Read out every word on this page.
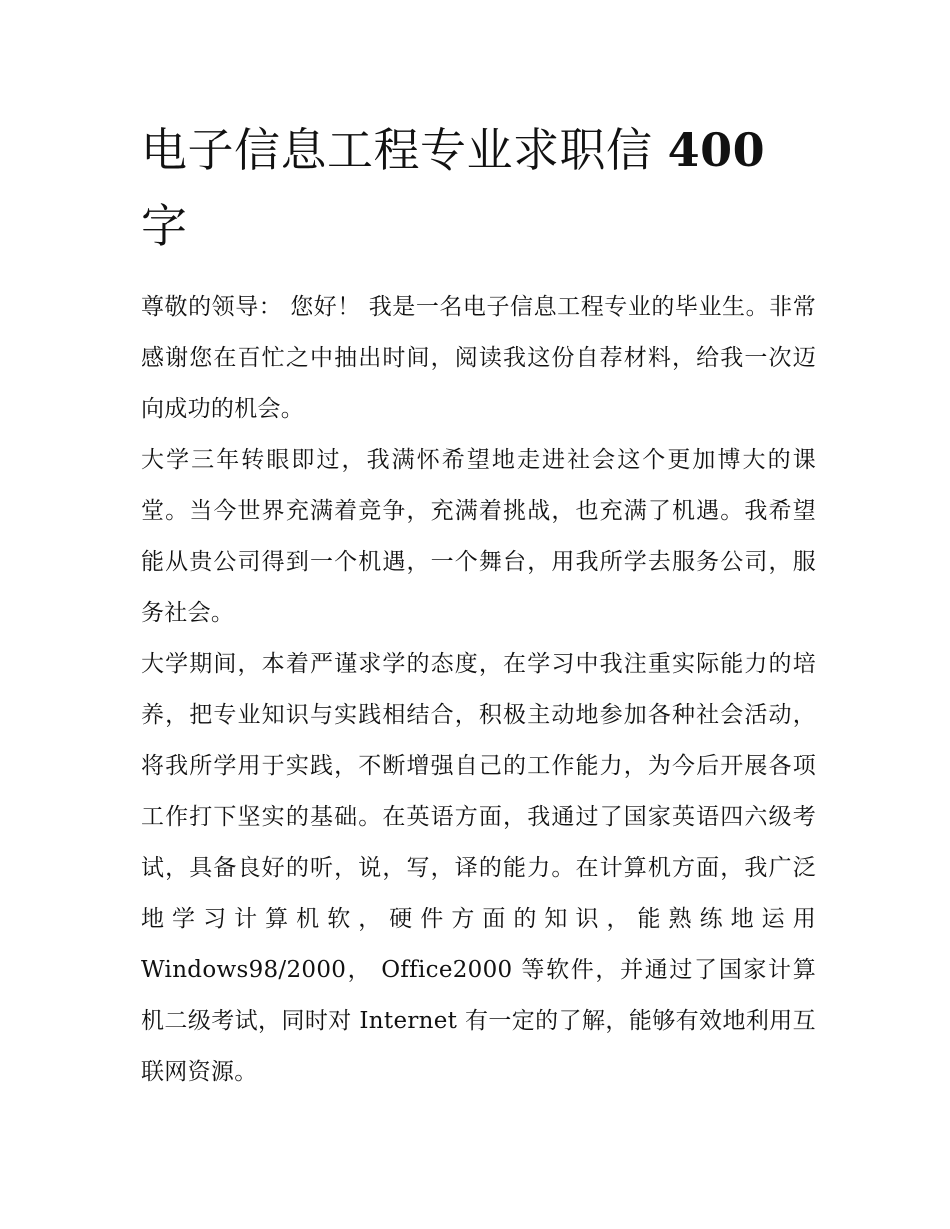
电子信息工程专业求职信 400
字

尊敬的领导： 您好！ 我是一名电子信息工程专业的毕业生。非常感谢您在百忙之中抽出时间，阅读我这份自荐材料，给我一次迈向成功的机会。

大学三年转眼即过，我满怀希望地走进社会这个更加博大的课堂。当今世界充满着竞争，充满着挑战，也充满了机遇。我希望能从贵公司得到一个机遇，一个舞台，用我所学去服务公司，服务社会。

大学期间，本着严谨求学的态度，在学习中我注重实际能力的培养，把专业知识与实践相结合，积极主动地参加各种社会活动，将我所学用于实践，不断增强自己的工作能力，为今后开展各项工作打下坚实的基础。在英语方面，我通过了国家英语四六级考试，具备良好的听，说，写，译的能力。在计算机方面，我广泛地学习计算机软，硬件方面的知识，能熟练地运用 Windows98/2000， Office2000 等软件，并通过了国家计算机二级考试，同时对 Internet 有一定的了解，能够有效地利用互联网资源。
